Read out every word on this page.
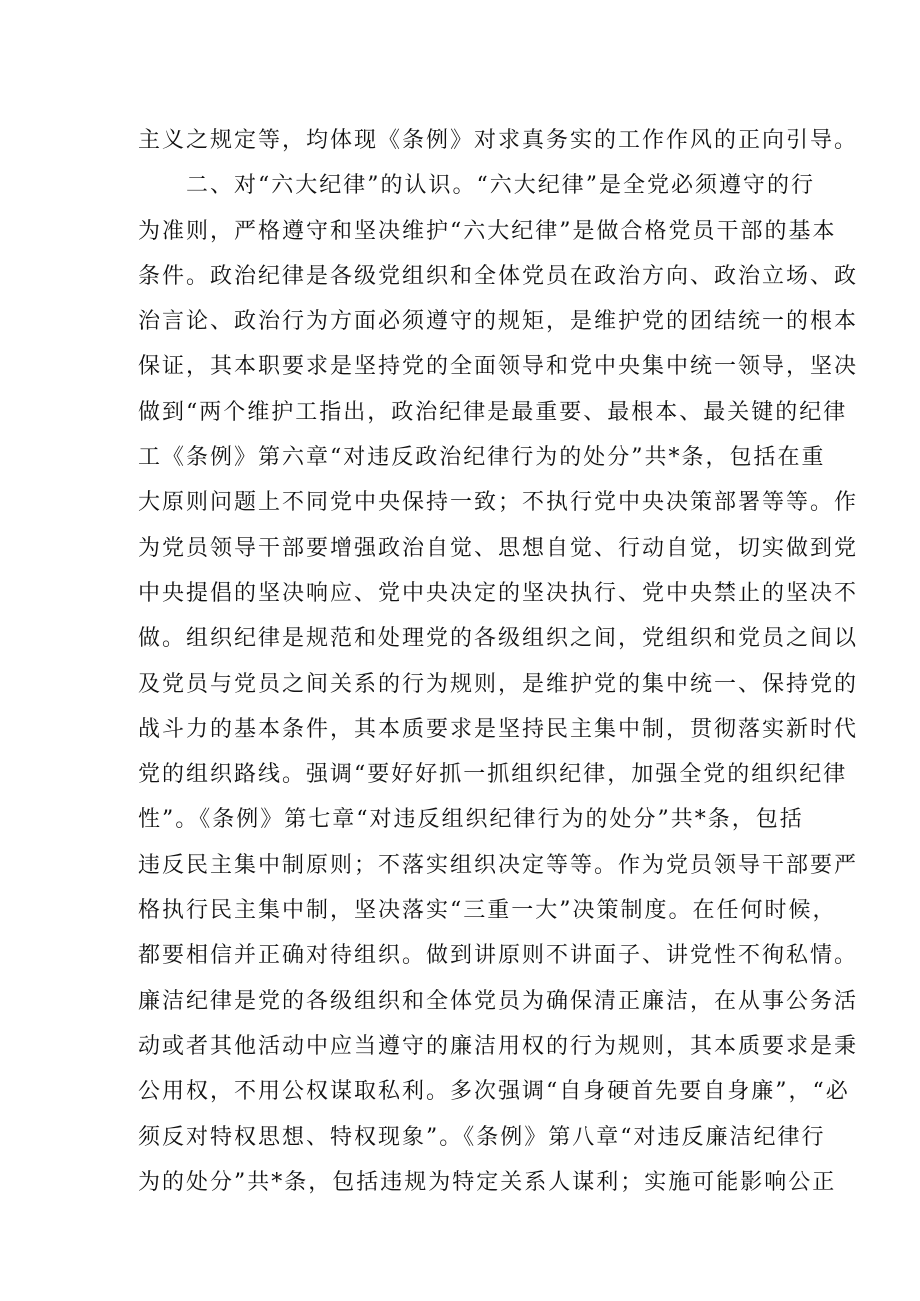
主义之规定等，均体现《条例》对求真务实的工作作风的正向引导。
二、对“六大纪律”的认识。“六大纪律”是全党必须遵守的行
为准则，严格遵守和坚决维护“六大纪律”是做合格党员干部的基本
条件。政治纪律是各级党组织和全体党员在政治方向、政治立场、政
治言论、政治行为方面必须遵守的规矩，是维护党的团结统一的根本
保证，其本职要求是坚持党的全面领导和党中央集中统一领导，坚决
做到“两个维护工指出，政治纪律是最重要、最根本、最关键的纪律
工《条例》第六章“对违反政治纪律行为的处分”共*条，包括在重
大原则问题上不同党中央保持一致；不执行党中央决策部署等等。作
为党员领导干部要增强政治自觉、思想自觉、行动自觉，切实做到党
中央提倡的坚决响应、党中央决定的坚决执行、党中央禁止的坚决不
做。组织纪律是规范和处理党的各级组织之间，党组织和党员之间以
及党员与党员之间关系的行为规则，是维护党的集中统一、保持党的
战斗力的基本条件，其本质要求是坚持民主集中制，贯彻落实新时代
党的组织路线。强调“要好好抓一抓组织纪律，加强全党的组织纪律
性”。《条例》第七章“对违反组织纪律行为的处分”共*条，包括
违反民主集中制原则；不落实组织决定等等。作为党员领导干部要严
格执行民主集中制，坚决落实“三重一大”决策制度。在任何时候，
都要相信并正确对待组织。做到讲原则不讲面子、讲党性不徇私情。
廉洁纪律是党的各级组织和全体党员为确保清正廉洁，在从事公务活
动或者其他活动中应当遵守的廉洁用权的行为规则，其本质要求是秉
公用权，不用公权谋取私利。多次强调“自身硬首先要自身廉”，“必
须反对特权思想、特权现象”。《条例》第八章“对违反廉洁纪律行
为的处分”共*条，包括违规为特定关系人谋利；实施可能影响公正
